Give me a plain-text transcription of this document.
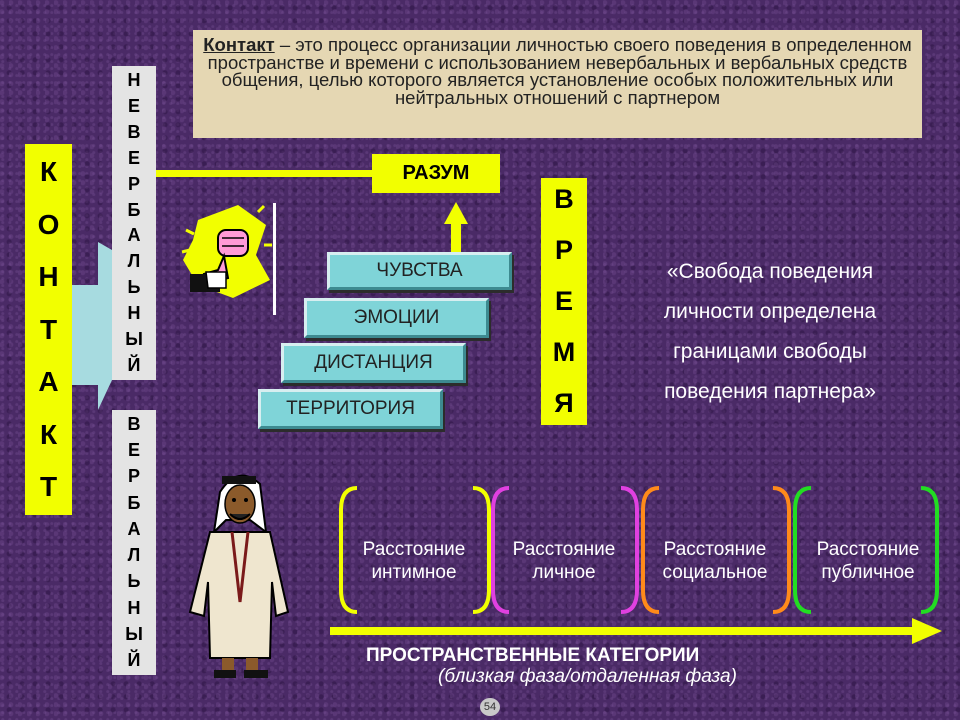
Контакт – это процесс организации личностью своего поведения в определенном пространстве и времени с использованием невербальных и вербальных средств общения, целью которого является установление особых положительных или нейтральных отношений с партнером
К
О
Н
Т
А
К
Т
Н
Е
В
Е
Р
Б
А
Л
Ь
Н
Ы
Й
В
Е
Р
Б
А
Л
Ь
Н
Ы
Й
РАЗУМ
ЧУВСТВА
ЭМОЦИИ
ДИСТАНЦИЯ
ТЕРРИТОРИЯ
В
Р
Е
М
Я
«Свобода поведения личности определена границами свободы поведения партнера»
Расстояние
интимное
Расстояние
личное
Расстояние
социальное
Расстояние
публичное
ПРОСТРАНСТВЕННЫЕ КАТЕГОРИИ
(близкая фаза/отдаленная фаза)
54
